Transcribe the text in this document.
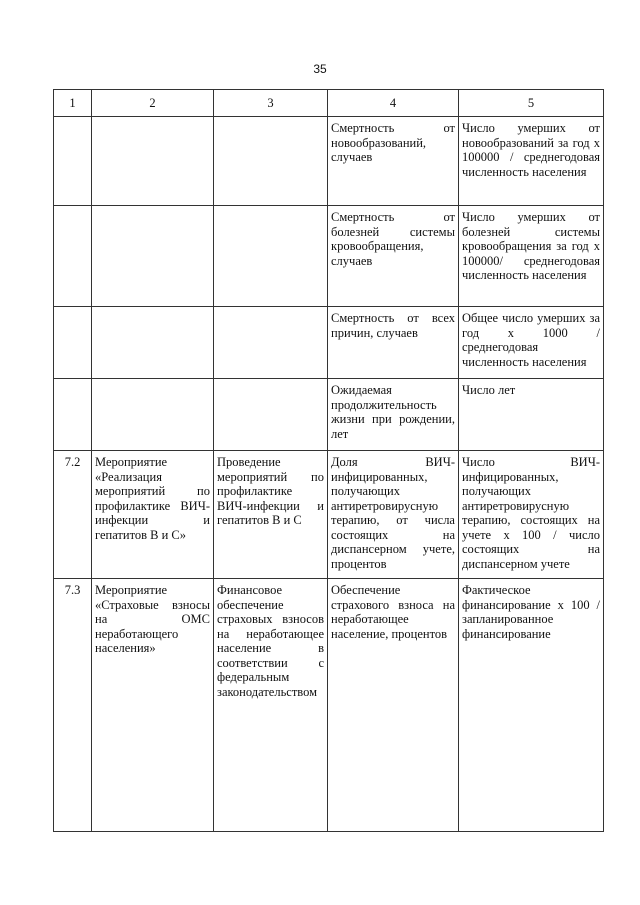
35
1	2	3	4	5
			Смертность от новообразований, случаев	Число умерших от новообразований за год х 100000 / среднегодовая численность населения
			Смертность от болезней системы кровообращения, случаев	Число умерших от болезней системы кровообращения за год х 100000/ среднегодовая численность населения
			Смертность от всех причин, случаев	Общее число умерших за год х 1000 / среднегодовая численность населения
			Ожидаемая продолжительность жизни при рождении, лет	Число лет
7.2	Мероприятие «Реализация мероприятий по профилактике ВИЧ-инфекции и гепатитов В и С»	Проведение мероприятий по профилактике ВИЧ-инфекции и гепатитов В и С	Доля ВИЧ-инфицированных, получающих антиретровирусную терапию, от числа состоящих на диспансерном учете, процентов	Число ВИЧ-инфицированных, получающих антиретровирусную терапию, состоящих на учете х 100 / число состоящих на диспансерном учете
7.3	Мероприятие «Страховые взносы на ОМС неработающего населения»	Финансовое обеспечение страховых взносов на неработающее население в соответствии с федеральным законодательством	Обеспечение страхового взноса на неработающее население, процентов	Фактическое финансирование х 100 / запланированное финансирование
